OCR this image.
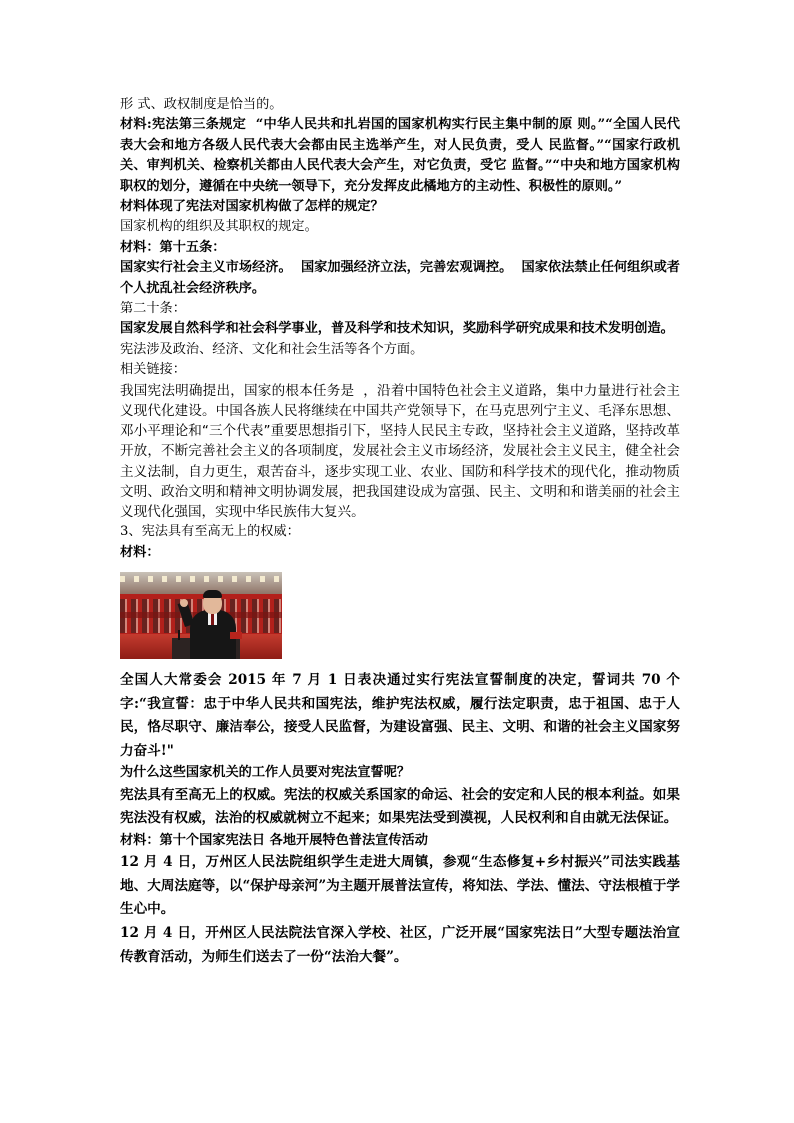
形 式、政权制度是恰当的。

材料:宪法第三条规定  “中华人民共和扎岩国的国家机构实行民主集中制的原 则。”“全国人民代表大会和地方各级人民代表大会都由民主选举产生，对人民负责，受人 民监督。”“国家行政机关、审判机关、检察机关都由人民代表大会产生，对它负责，受它 监督。”“中央和地方国家机构职权的划分，遵循在中央统一领导下，充分发挥皮此橘地方的主动性、积极性的原则。”

材料体现了宪法对国家机构做了怎样的规定？

国家机构的组织及其职权的规定。

材料：第十五条：

国家实行社会主义市场经济。  国家加强经济立法，完善宏观调控。  国家依法禁止任何组织或者个人扰乱社会经济秩序。

第二十条：

国家发展自然科学和社会科学事业，普及科学和技术知识，奖励科学研究成果和技术发明创造。

宪法涉及政治、经济、文化和社会生活等各个方面。

相关链接：

我国宪法明确提出，国家的根本任务是  ，沿着中国特色社会主义道路，集中力量进行社会主义现代化建设。中国各族人民将继续在中国共产党领导下，在马克思列宁主义、毛泽东思想、邓小平理论和“三个代表”重要思想指引下，坚持人民民主专政，坚持社会主义道路，坚持改革开放，不断完善社会主义的各项制度，发展社会主义市场经济，发展社会主义民主，健全社会主义法制，自力更生，艰苦奋斗，逐步实现工业、农业、国防和科学技术的现代化，推动物质文明、政治文明和精神文明协调发展，把我国建设成为富强、民主、文明和和谐美丽的社会主义现代化强国，实现中华民族伟大复兴。

3、宪法具有至高无上的权威：

材料：

全国人大常委会 2015 年 7 月 1 日表决通过实行宪法宣誓制度的决定，誓词共 70 个字:“我宣誓：忠于中华人民共和国宪法，维护宪法权威，履行法定职责，忠于祖国、忠于人民，恪尽职守、廉洁奉公，接受人民监督，为建设富强、民主、文明、和谐的社会主义国家努力奋斗!"

为什么这些国家机关的工作人员要对宪法宣誓呢？

宪法具有至高无上的权威。宪法的权威关系国家的命运、社会的安定和人民的根本利益。如果宪法没有权威，法治的权威就树立不起来；如果宪法受到漠视，人民权利和自由就无法保证。

材料：第十个国家宪法日 各地开展特色普法宣传活动

12 月 4 日，万州区人民法院组织学生走进大周镇，参观“生态修复+乡村振兴”司法实践基地、大周法庭等，以“保护母亲河”为主题开展普法宣传，将知法、学法、懂法、守法根植于学生心中。

12 月 4 日，开州区人民法院法官深入学校、社区，广泛开展“国家宪法日”大型专题法治宣传教育活动，为师生们送去了一份“法治大餐”。
